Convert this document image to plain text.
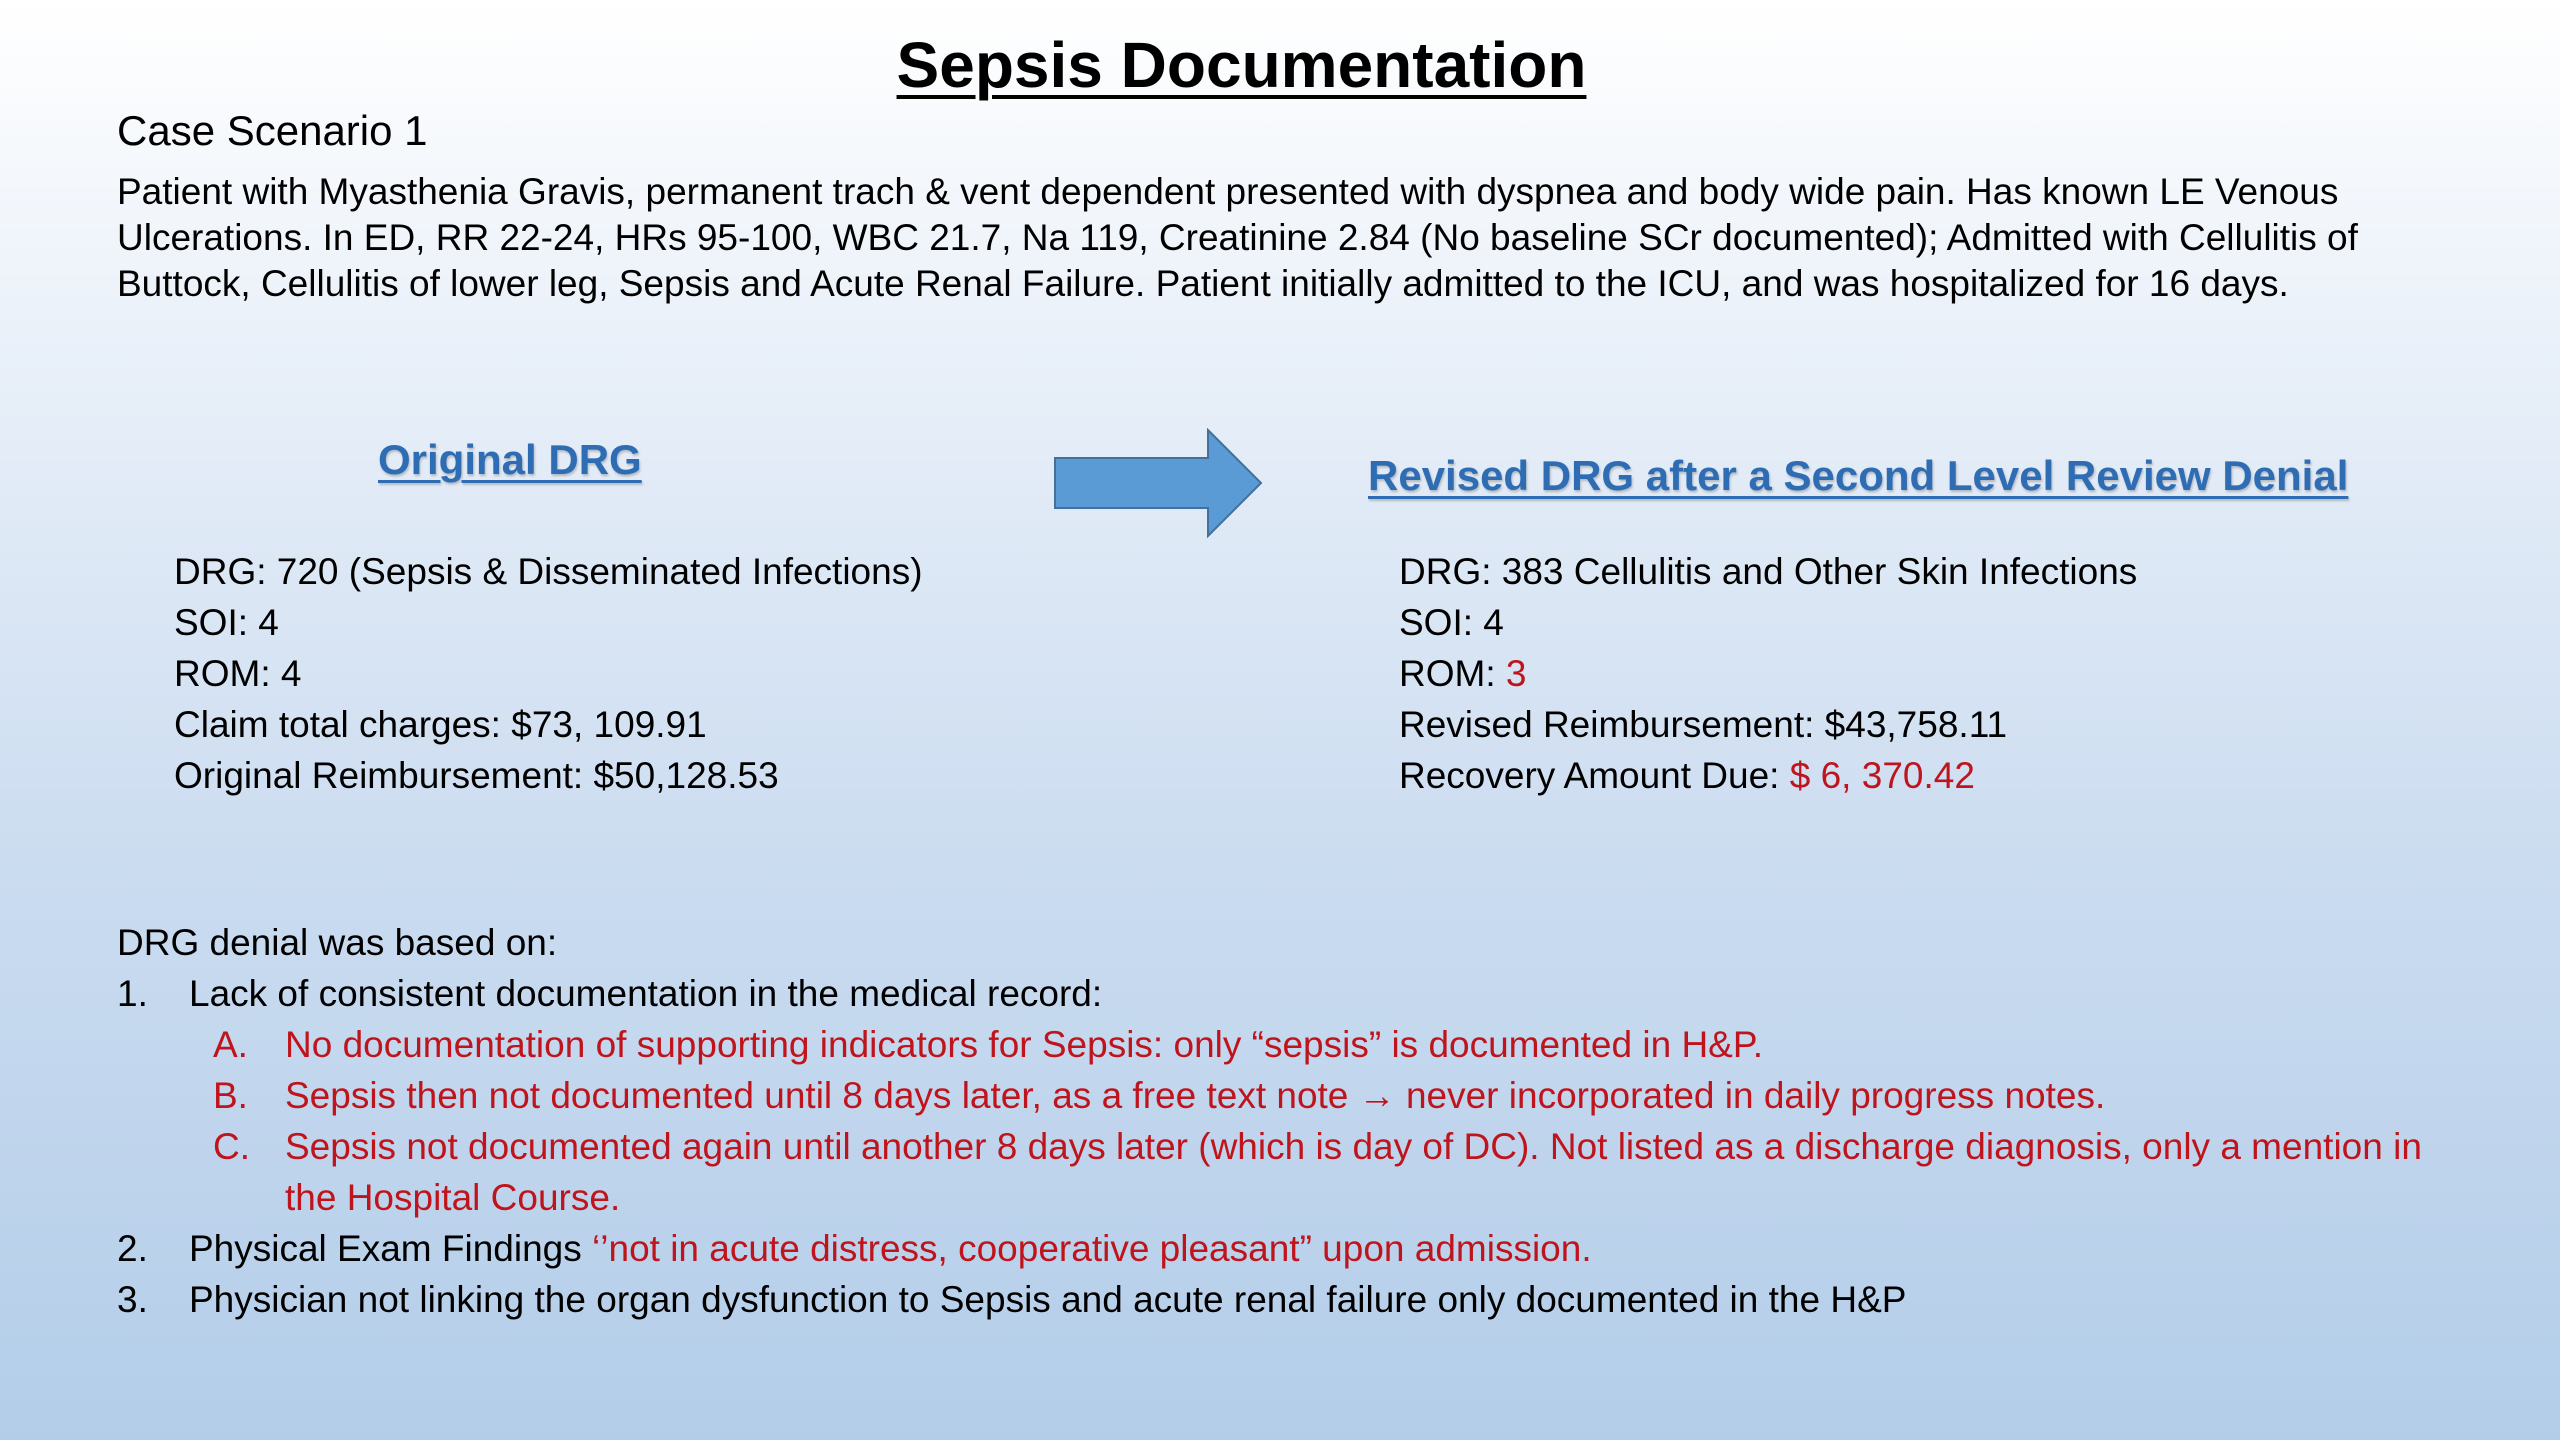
Sepsis Documentation
Case Scenario 1
Patient with Myasthenia Gravis, permanent trach & vent dependent presented with dyspnea and body wide pain. Has known LE Venous Ulcerations. In ED, RR 22-24, HRs 95-100, WBC 21.7, Na 119, Creatinine 2.84 (No baseline SCr documented); Admitted with Cellulitis of Buttock, Cellulitis of lower leg, Sepsis and Acute Renal Failure. Patient initially admitted to the ICU, and was hospitalized for 16 days.
Original DRG	Revised DRG after a Second Level Review Denial
DRG: 720 (Sepsis & Disseminated Infections)
SOI: 4
ROM: 4
Claim total charges: $73, 109.91
Original Reimbursement: $50,128.53
DRG: 383 Cellulitis and Other Skin Infections
SOI: 4
ROM: 3
Revised Reimbursement: $43,758.11
Recovery Amount Due: $ 6, 370.42
DRG denial was based on:
1.	Lack of consistent documentation in the medical record:
A.	No documentation of supporting indicators for Sepsis: only “sepsis” is documented in H&P.
B.	Sepsis then not documented until 8 days later, as a free text note → never incorporated in daily progress notes.
C. Sepsis not documented again until another 8 days later (which is day of DC). Not listed as a discharge diagnosis, only a mention in the Hospital Course.
2.	Physical Exam Findings ‘’not in acute distress, cooperative pleasant” upon admission.
3.	Physician not linking the organ dysfunction to Sepsis and acute renal failure only documented in the H&P
